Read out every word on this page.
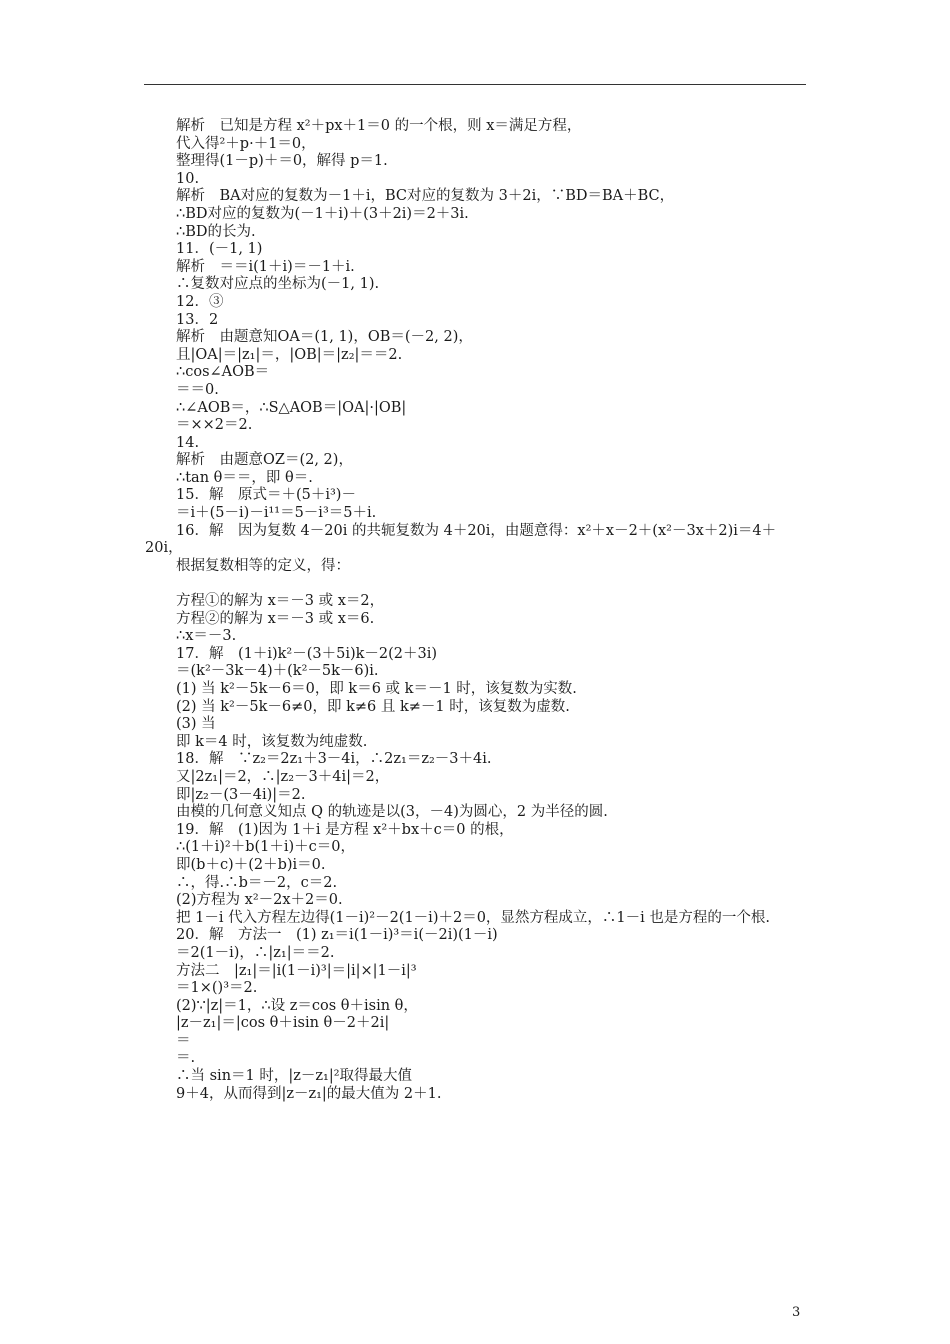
解析　已知是方程 x²＋px＋1＝0 的一个根，则 x＝满足方程，
代入得²＋p·＋1＝0，
整理得(1－p)＋＝0，解得 p＝1.
10.
解析　BA对应的复数为－1＋i，BC对应的复数为 3＋2i，∵BD＝BA＋BC，
∴BD对应的复数为(－1＋i)＋(3＋2i)＝2＋3i.
∴BD的长为.
11．(－1, 1)
解析　＝＝i(1＋i)＝－1＋i.
∴复数对应点的坐标为(－1, 1).
12．③
13．2
解析　由题意知OA＝(1, 1)，OB＝(－2, 2)，
且|OA|＝|z₁|＝，|OB|＝|z₂|＝＝2.
∴cos∠AOB＝
＝＝0.
∴∠AOB＝，∴S△AOB＝|OA|·|OB|
＝××2＝2.
14.
解析　由题意OZ＝(2, 2)，
∴tan θ＝＝，即 θ＝.
15．解　原式＝＋(5＋i³)－
＝i＋(5－i)－i¹¹＝5－i³＝5＋i.
16．解　因为复数 4－20i 的共轭复数为 4＋20i，由题意得：x²＋x－2＋(x²－3x＋2)i＝4＋20i，
根据复数相等的定义，得：
方程①的解为 x＝－3 或 x＝2，
方程②的解为 x＝－3 或 x＝6.
∴x＝－3.
17．解　(1＋i)k²－(3＋5i)k－2(2＋3i)
＝(k²－3k－4)＋(k²－5k－6)i.
(1) 当 k²－5k－6＝0，即 k＝6 或 k＝－1 时，该复数为实数.
(2) 当 k²－5k－6≠0，即 k≠6 且 k≠－1 时，该复数为虚数.
(3) 当
即 k＝4 时，该复数为纯虚数.
18．解　∵z₂＝2z₁＋3－4i，∴2z₁＝z₂－3＋4i.
又|2z₁|＝2，∴|z₂－3＋4i|＝2，
即|z₂－(3－4i)|＝2.
由模的几何意义知点 Q 的轨迹是以(3，－4)为圆心，2 为半径的圆.
19．解　(1)因为 1＋i 是方程 x²＋bx＋c＝0 的根，
∴(1＋i)²＋b(1＋i)＋c＝0，
即(b＋c)＋(2＋b)i＝0.
∴，得.∴b＝－2，c＝2.
(2)方程为 x²－2x＋2＝0.
把 1－i 代入方程左边得(1－i)²－2(1－i)＋2＝0，显然方程成立，∴1－i 也是方程的一个根.
20．解　方法一　(1) z₁＝i(1－i)³＝i(－2i)(1－i)
＝2(1－i)，∴|z₁|＝＝2.
方法二　|z₁|＝|i(1－i)³|＝|i|×|1－i|³
＝1×()³＝2.
(2)∵|z|＝1，∴设 z＝cos θ＋isin θ，
|z－z₁|＝|cos θ＋isin θ－2＋2i|
＝
＝.
∴当 sin＝1 时，|z－z₁|²取得最大值
9＋4，从而得到|z－z₁|的最大值为 2＋1.
3
